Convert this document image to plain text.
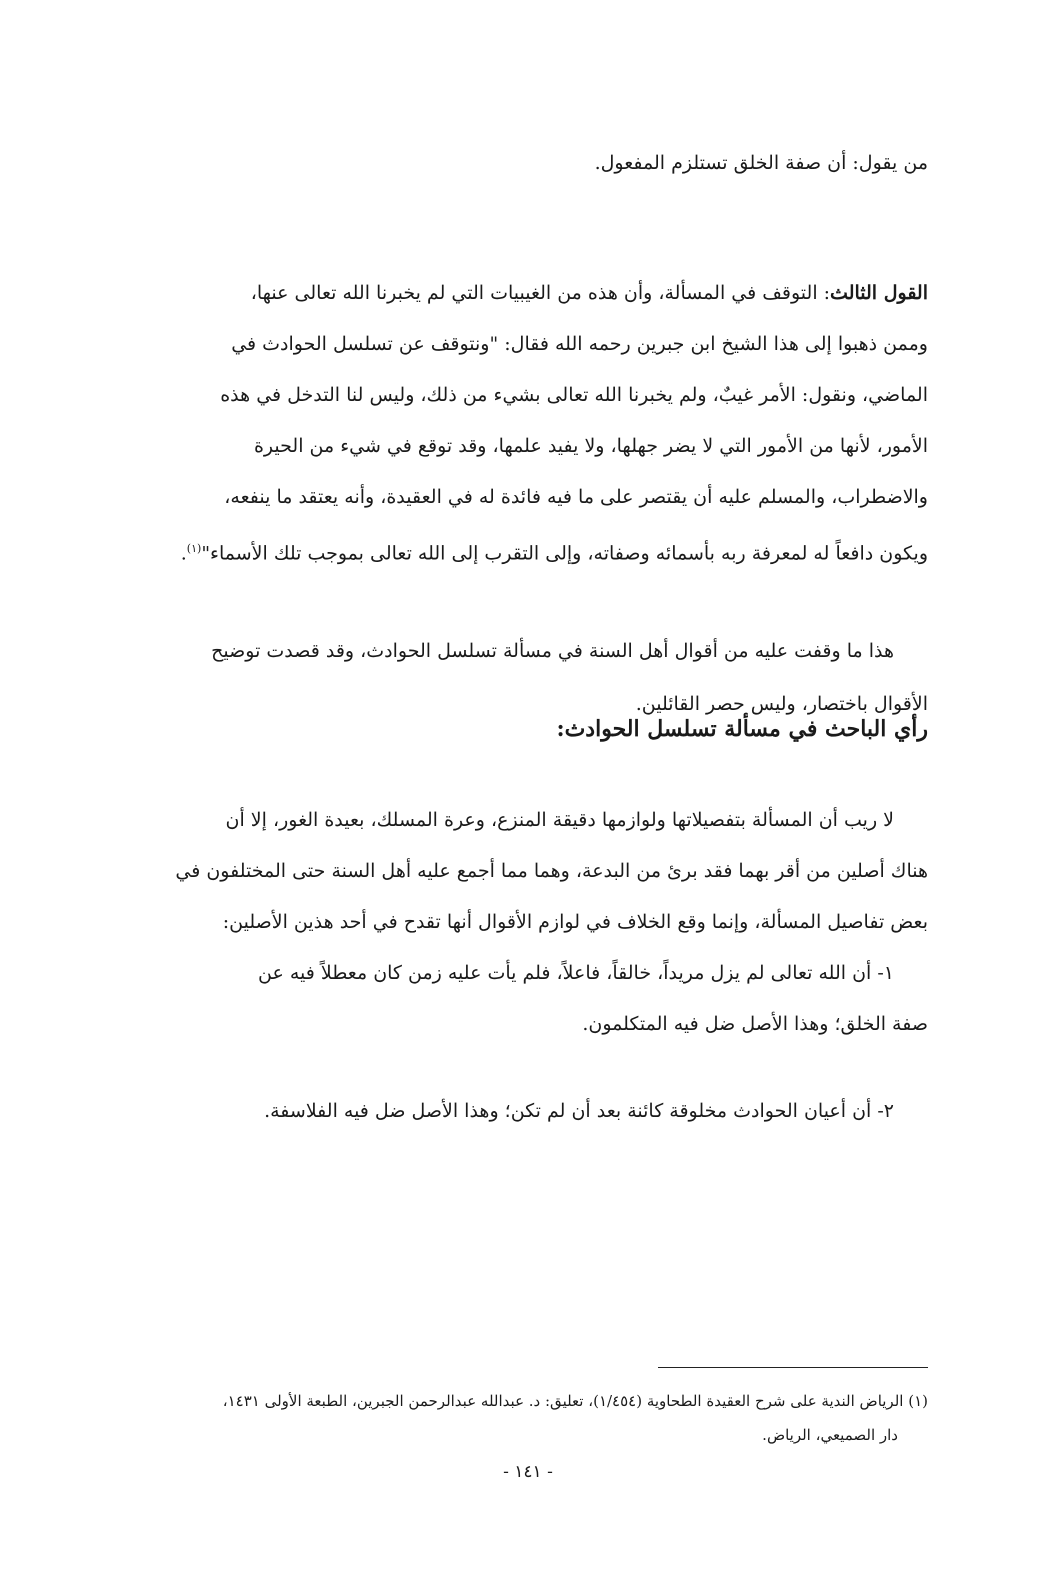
من يقول: أن صفة الخلق تستلزم المفعول.

القول الثالث: التوقف في المسألة، وأن هذه من الغيبيات التي لم يخبرنا الله تعالى عنها،
وممن ذهبوا إلى هذا الشيخ ابن جبرين رحمه الله فقال: "ونتوقف عن تسلسل الحوادث في
الماضي، ونقول: الأمر غيبٌ، ولم يخبرنا الله تعالى بشيء من ذلك، وليس لنا التدخل في هذه
الأمور، لأنها من الأمور التي لا يضر جهلها، ولا يفيد علمها، وقد توقع في شيء من الحيرة
والاضطراب، والمسلم عليه أن يقتصر على ما فيه فائدة له في العقيدة، وأنه يعتقد ما ينفعه،
ويكون دافعاً له لمعرفة ربه بأسمائه وصفاته، وإلى التقرب إلى الله تعالى بموجب تلك الأسماء"$^{(١)}$.
هذا ما وقفت عليه من أقوال أهل السنة في مسألة تسلسل الحوادث، وقد قصدت توضيح
الأقوال باختصار، وليس حصر القائلين.
رأي الباحث في مسألة تسلسل الحوادث:
لا ريب أن المسألة بتفصيلاتها ولوازمها دقيقة المنزع، وعرة المسلك، بعيدة الغور، إلا أن
هناك أصلين من أقر بهما فقد برئ من البدعة، وهما مما أجمع عليه أهل السنة حتى المختلفون في
بعض تفاصيل المسألة، وإنما وقع الخلاف في لوازم الأقوال أنها تقدح في أحد هذين الأصلين:
١- أن الله تعالى لم يزل مريداً، خالقاً، فاعلاً، فلم يأت عليه زمن كان معطلاً فيه عن
صفة الخلق؛ وهذا الأصل ضل فيه المتكلمون.

٢- أن أعيان الحوادث مخلوقة كائنة بعد أن لم تكن؛ وهذا الأصل ضل فيه الفلاسفة.

(١) الرياض الندية على شرح العقيدة الطحاوية (١/٤٥٤)، تعليق: د. عبدالله عبدالرحمن الجبرين، الطبعة الأولى ١٤٣١،
دار الصميعي، الرياض.
- ١٤١ -
